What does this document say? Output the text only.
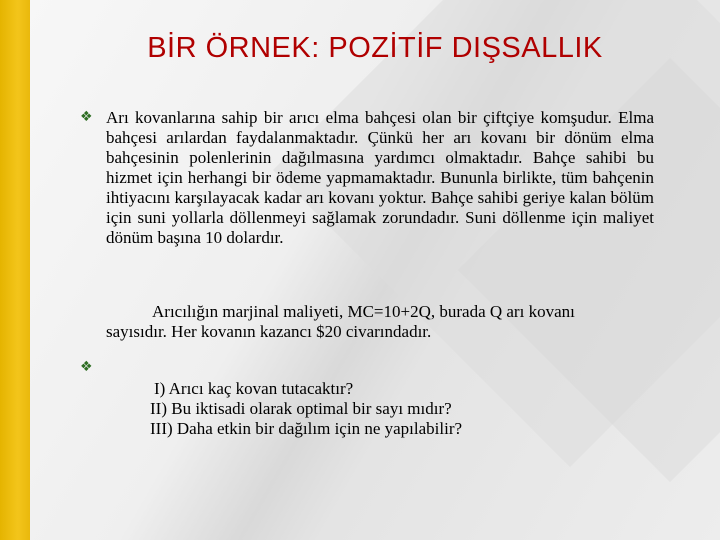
BİR ÖRNEK: POZİTİF DIŞSALLIK
❖ Arı kovanlarına sahip bir arıcı elma bahçesi olan bir çiftçiye komşudur. Elma bahçesi arılardan faydalanmaktadır. Çünkü her arı kovanı bir dönüm elma bahçesinin polenlerinin dağılmasına yardımcı olmaktadır. Bahçe sahibi bu hizmet için herhangi bir ödeme yapmamaktadır. Bununla birlikte, tüm bahçenin ihtiyacını karşılayacak kadar arı kovanı yoktur. Bahçe sahibi geriye kalan bölüm için suni yollarla döllenmeyi sağlamak zorundadır. Suni döllenme için maliyet dönüm başına 10 dolardır.

Arıcılığın marjinal maliyeti, MC=10+2Q, burada Q arı kovanı sayısıdır. Her kovanın kazancı $20 civarındadır.

❖

I) Arıcı kaç kovan tutacaktır?

II) Bu iktisadi olarak optimal bir sayı mıdır?

III) Daha etkin bir dağılım için ne yapılabilir?
